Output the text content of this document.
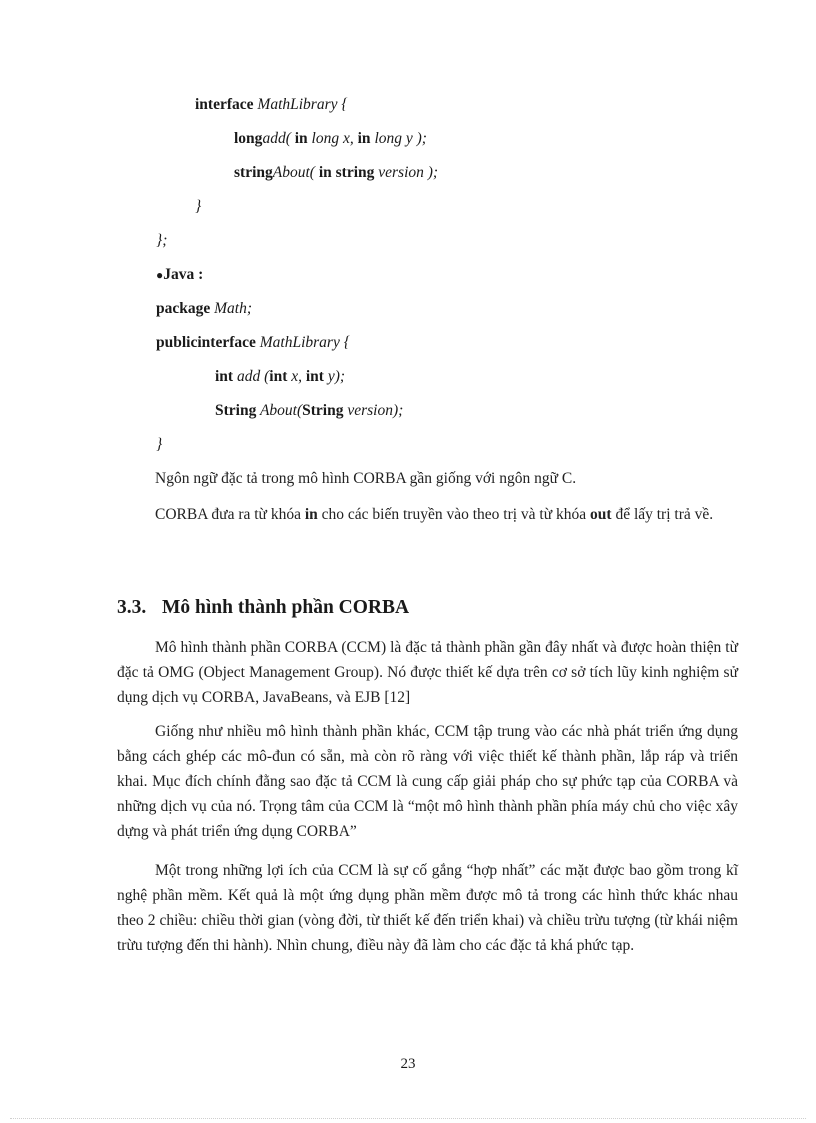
interface MathLibrary {
longadd( in long x, in long y );
stringAbout( in string version );
}
};
●Java :
package Math;
publicinterface MathLibrary {
int add (int x, int y);
String About(String version);
}
Ngôn ngữ đặc tả trong mô hình CORBA gần giống với ngôn ngữ C.
CORBA đưa ra từ khóa in cho các biến truyền vào theo trị và từ khóa out để lấy trị trả về.
3.3. Mô hình thành phần CORBA
Mô hình thành phần CORBA (CCM) là đặc tả thành phần gần đây nhất và được hoàn thiện từ đặc tả OMG (Object Management Group). Nó được thiết kế dựa trên cơ sở tích lũy kinh nghiệm sử dụng dịch vụ CORBA, JavaBeans, và EJB [12]
Giống như nhiều mô hình thành phần khác, CCM tập trung vào các nhà phát triển ứng dụng bằng cách ghép các mô-đun có sẵn, mà còn rõ ràng với việc thiết kế thành phần, lắp ráp và triển khai. Mục đích chính đằng sao đặc tả CCM là cung cấp giải pháp cho sự phức tạp của CORBA và những dịch vụ của nó. Trọng tâm của CCM là “một mô hình thành phần phía máy chủ cho việc xây dựng và phát triển ứng dụng CORBA”
Một trong những lợi ích của CCM là sự cố gắng “hợp nhất” các mặt được bao gồm trong kĩ nghệ phần mềm. Kết quả là một ứng dụng phần mềm được mô tả trong các hình thức khác nhau theo 2 chiều: chiều thời gian (vòng đời, từ thiết kế đến triển khai) và chiều trừu tượng (từ khái niệm trừu tượng đến thi hành). Nhìn chung, điều này đã làm cho các đặc tả khá phức tạp.
23
